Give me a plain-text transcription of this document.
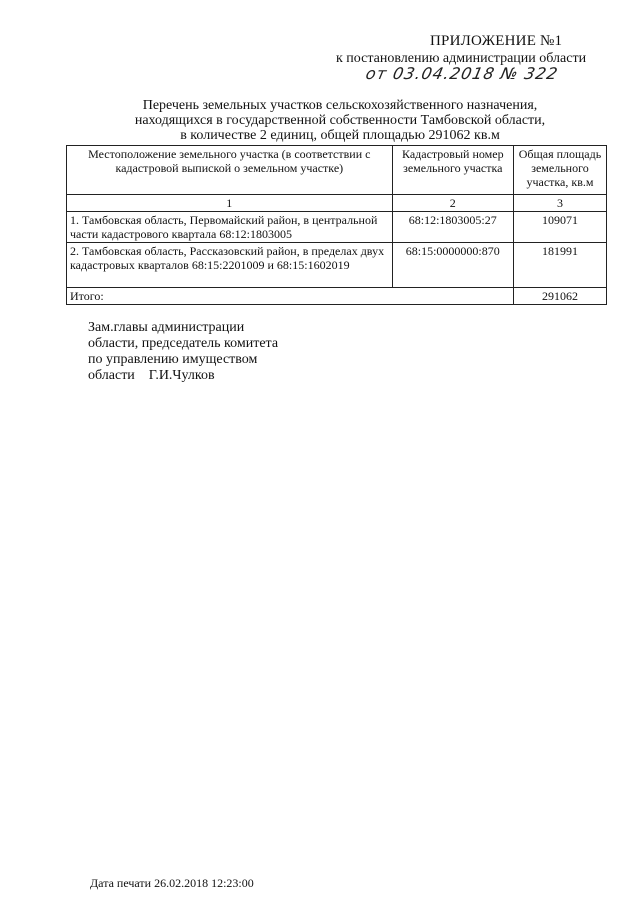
ПРИЛОЖЕНИЕ №1
к постановлению администрации области
от 03.04.2018 № 322
Перечень земельных участков сельскохозяйственного назначения,
находящихся в государственной собственности Тамбовской области,
в количестве 2 единиц, общей площадью 291062 кв.м
Местоположение земельного участка (в соответствии с кадастровой выпиской о земельном участке)	Кадастровый номер земельного участка	Общая площадь земельного участка, кв.м
1	2	3
1. Тамбовская область, Первомайский район, в центральной части кадастрового квартала 68:12:1803005	68:12:1803005:27	109071
2. Тамбовская область, Рассказовский район, в пределах двух кадастровых кварталов 68:15:2201009 и 68:15:1602019	68:15:0000000:870	181991
Итого:		291062
Зам.главы администрации
области, председатель комитета
по управлению имуществом
области    Г.И.Чулков
Дата печати 26.02.2018 12:23:00
